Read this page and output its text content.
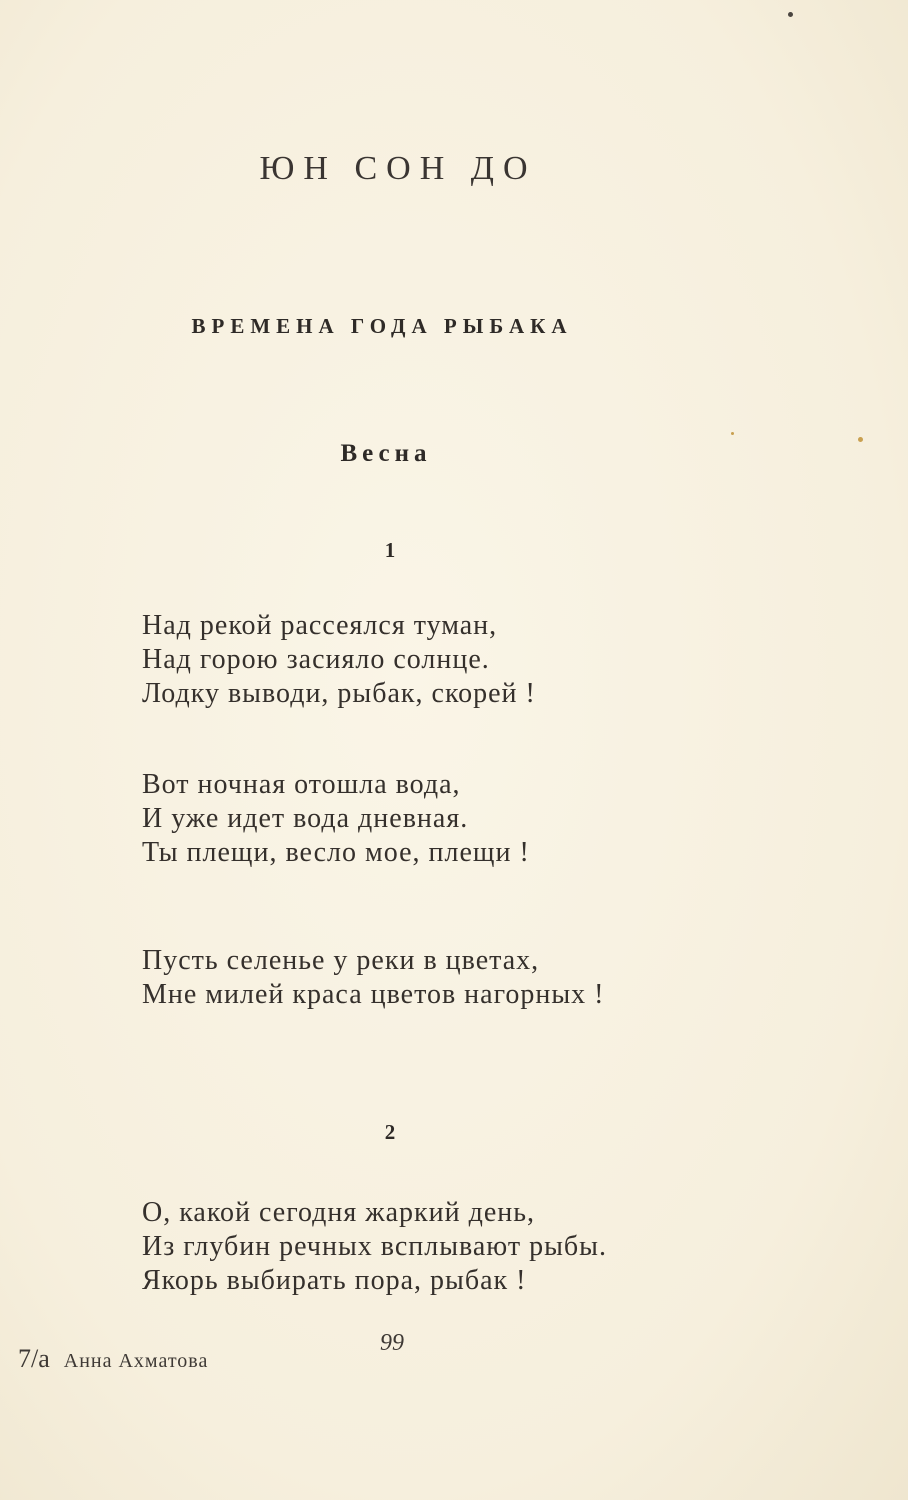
ЮН СОН ДО
ВРЕМЕНА ГОДА РЫБАКА
Весна
1
Над рекой рассеялся туман,
Над горою засияло солнце.
Лодку выводи, рыбак, скорей !
Вот ночная отошла вода,
И уже идет вода дневная.
Ты плещи, весло мое, плещи !
Пусть селенье у реки в цветах,
Мне милей краса цветов нагорных !
2
О, какой сегодня жаркий день,
Из глубин речных всплывают рыбы.
Якорь выбирать пора, рыбак !
99
7/а Анна Ахматова
